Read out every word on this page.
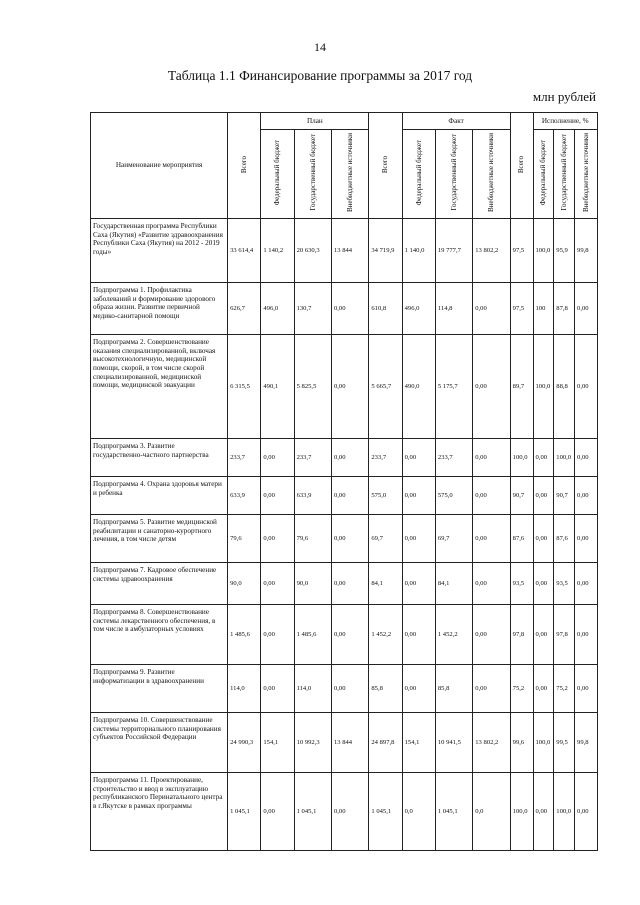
14
Таблица 1.1 Финансирование программы за 2017 год
млн рублей
Наименование мероприятия	Всего	План			Всего	Факт			Всего	Исполнение, %		
		Федеральный бюджет	Государственный бюджет	Внебюджетные источники		Федеральный бюджет	Государственный бюджет	Внебюджетные источники		Федеральный бюджет	Государственный бюджет	Внебюджетные источники
Государственная программа Республики Саха (Якутия) «Развитие здравоохранения Республики Саха (Якутия) на 2012 - 2019 годы»	33 614,4	1 140,2	20 630,3	13 844	34 719,9	1 140,0	19 777,7	13 802,2	97,5	100,0	95,9	99,8
Подпрограмма 1. Профилактика заболеваний и формирование здорового образа жизни. Развитие первичной медико-санитарной помощи	626,7	496,0	130,7	0,00	610,8	496,0	114,8	0,00	97,5	100	87,8	0,00
Подпрограмма 2. Совершенствование оказания специализированной, включая высокотехнологичную, медицинской помощи, скорой, в том числе скорой специализированной, медицинской помощи, медицинской эвакуации	6 315,5	490,1	5 825,5	0,00	5 665,7	490,0	5 175,7	0,00	89,7	100,0	88,8	0,00
Подпрограмма 3. Развитие государственно-частного партнерства	233,7	0,00	233,7	0,00	233,7	0,00	233,7	0,00	100,0	0,00	100,0	0,00
Подпрограмма 4. Охрана здоровья матери и ребенка	633,9	0,00	633,9	0,00	575,0	0,00	575,0	0,00	90,7	0,00	90,7	0,00
Подпрограмма 5. Развитие медицинской реабилитации и санаторно-курортного лечения, в том числе детям	79,6	0,00	79,6	0,00	69,7	0,00	69,7	0,00	87,6	0,00	87,6	0,00
Подпрограмма 7. Кадровое обеспечение системы здравоохранения	90,0	0,00	90,0	0,00	84,1	0,00	84,1	0,00	93,5	0,00	93,5	0,00
Подпрограмма 8. Совершенствование системы лекарственного обеспечения, в том числе в амбулаторных условиях	1 485,6	0,00	1 485,6	0,00	1 452,2	0,00	1 452,2	0,00	97,8	0,00	97,8	0,00
Подпрограмма 9. Развитие информатизации в здравоохранении	114,0	0,00	114,0	0,00	85,8	0,00	85,8	0,00	75,2	0,00	75,2	0,00
Подпрограмма 10. Совершенствование системы территориального планирования субъектов Российской Федерации	24 990,3	154,1	10 992,3	13 844	24 897,8	154,1	10 941,5	13 802,2	99,6	100,0	99,5	99,8
Подпрограмма 11. Проектирование, строительство и ввод в эксплуатацию республиканского Перинатального центра в г.Якутске в рамках программы	1 045,1	0,00	1 045,1	0,00	1 045,1	0,0	1 045,1	0,0	100,0	0,00	100,0	0,00
